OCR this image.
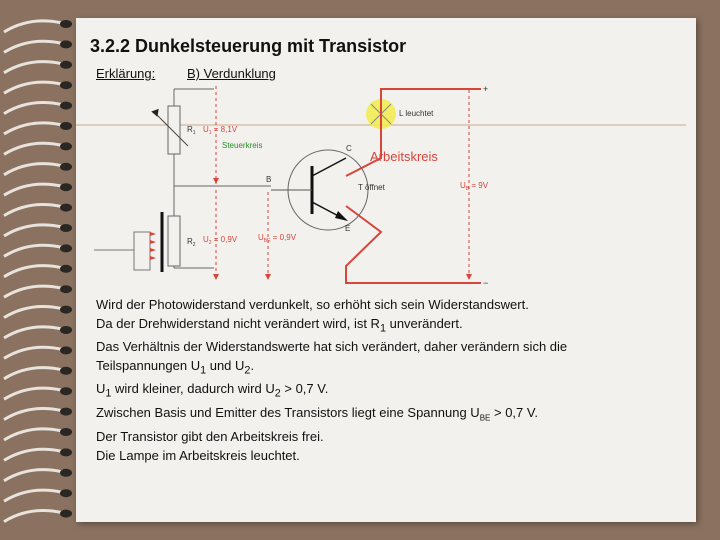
3.2.2 Dunkelsteuerung mit Transistor
Erklärung: B) Verdunklung
$R_1$
$R_2$
$U_1 = 8,1V$
$U_2 = 0,9V$	$U_{BE} = 0,9V$
$U_B = 9V$
Steuerkreis
L leuchtet
Arbeitskreis
C
B
E
T öffnet
+
−

Wird der Photowiderstand verdunkelt, so erhöht sich sein Widerstandswert.

Da der Drehwiderstand nicht verändert wird, ist $R_1$ unverändert.

Das Verhältnis der Widerstandswerte hat sich verändert, daher verändern sich die

Teilspannungen $U_1$ und $U_2$.

$U_1$ wird kleiner, dadurch wird $U_2 > 0,7$ V.

Zwischen Basis und Emitter des Transistors liegt eine Spannung $U_{BE} > 0,7$ V.

Der Transistor gibt den Arbeitskreis frei.

Die Lampe im Arbeitskreis leuchtet.
